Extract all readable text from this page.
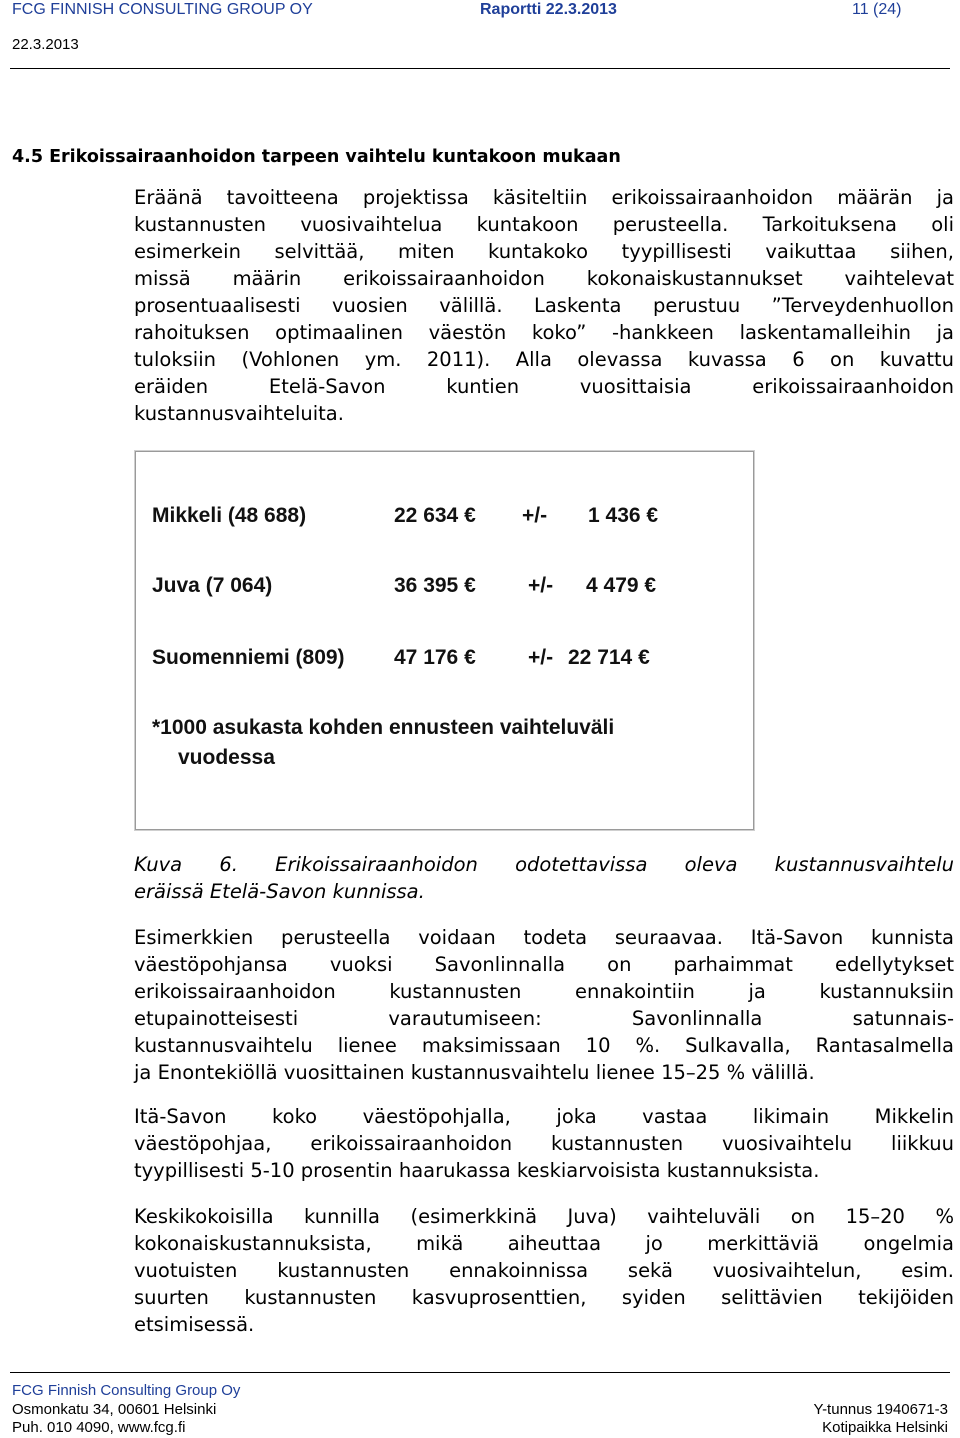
FCG FINNISH CONSULTING GROUP OY	Raportti 22.3.2013	11 (24)
22.3.2013
4.5 Erikoissairaanhoidon tarpeen vaihtelu kuntakoon mukaan
Eräänä tavoitteena projektissa käsiteltiin erikoissairaanhoidon määrän ja
kustannusten vuosivaihtelua kuntakoon perusteella. Tarkoituksena oli
esimerkein selvittää, miten kuntakoko tyypillisesti vaikuttaa siihen,
missä määrin erikoissairaanhoidon kokonaiskustannukset vaihtelevat
prosentuaalisesti vuosien välillä. Laskenta perustuu ”Terveydenhuollon
rahoituksen optimaalinen väestön koko” -hankkeen laskentamalleihin ja
tuloksiin (Vohlonen ym. 2011). Alla olevassa kuvassa 6 on kuvattu
eräiden Etelä-Savon kuntien vuosittaisia erikoissairaanhoidon
kustannusvaihteluita.
Mikkeli (48 688)	22 634 € +/- 1 436 €
Juva (7 064)	36 395 € +/- 4 479 €
Suomenniemi (809) 47 176 € +/- 22 714 €
*1000 asukasta kohden ennusteen vaihteluväli
vuodessa
Kuva 6. Erikoissairaanhoidon odotettavissa oleva kustannusvaihtelu
eräissä Etelä-Savon kunnissa.
Esimerkkien perusteella voidaan todeta seuraavaa. Itä-Savon kunnista
väestöpohjansa vuoksi Savonlinnalla on parhaimmat edellytykset
erikoissairaanhoidon kustannusten ennakointiin ja kustannuksiin
etupainotteisesti varautumiseen: Savonlinnalla satunnais-
kustannusvaihtelu lienee maksimissaan 10 %. Sulkavalla, Rantasalmella
ja Enontekiöllä vuosittainen kustannusvaihtelu lienee 15–25 % välillä.
Itä-Savon koko väestöpohjalla, joka vastaa likimain Mikkelin
väestöpohjaa, erikoissairaanhoidon kustannusten vuosivaihtelu liikkuu
tyypillisesti 5-10 prosentin haarukassa keskiarvoisista kustannuksista.
Keskikokoisilla kunnilla (esimerkkinä Juva) vaihteluväli on 15–20 %
kokonaiskustannuksista, mikä aiheuttaa jo merkittäviä ongelmia
vuotuisten kustannusten ennakoinnissa sekä vuosivaihtelun, esim.
suurten kustannusten kasvuprosenttien, syiden selittävien tekijöiden
etsimisessä.
FCG Finnish Consulting Group Oy
Osmonkatu 34, 00601 Helsinki
Puh. 010 4090, www.fcg.fi
Y-tunnus 1940671-3
Kotipaikka Helsinki
